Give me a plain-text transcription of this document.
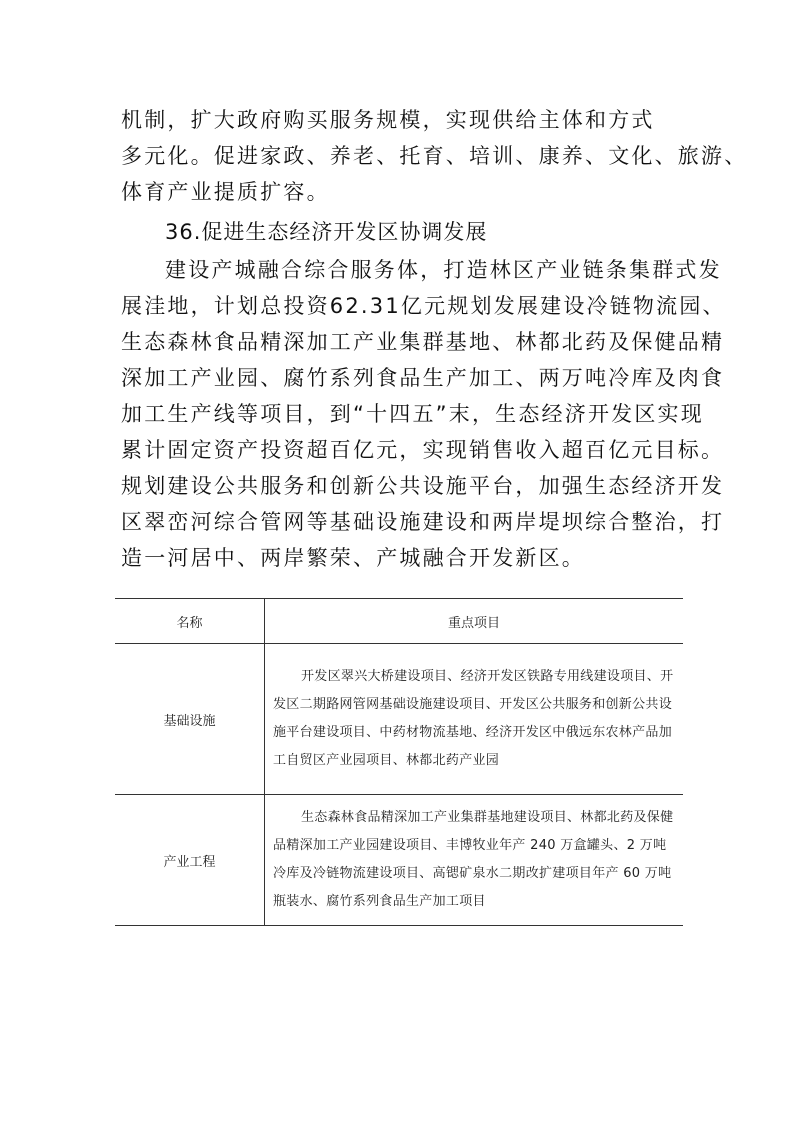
机制，扩大政府购买服务规模，实现供给主体和方式
多元化。促进家政、养老、托育、培训、康养、文化、旅游、
体育产业提质扩容。
36.促进生态经济开发区协调发展
建设产城融合综合服务体，打造林区产业链条集群式发
展洼地，计划总投资62.31亿元规划发展建设冷链物流园、
生态森林食品精深加工产业集群基地、林都北药及保健品精
深加工产业园、腐竹系列食品生产加工、两万吨冷库及肉食
加工生产线等项目，到“十四五”末，生态经济开发区实现
累计固定资产投资超百亿元，实现销售收入超百亿元目标。
规划建设公共服务和创新公共设施平台，加强生态经济开发
区翠峦河综合管网等基础设施建设和两岸堤坝综合整治，打
造一河居中、两岸繁荣、产城融合开发新区。
名称	重点项目
基础设施	开发区翠兴大桥建设项目、经济开发区铁路专用线建设项目、开发区二期路网管网基础设施建设项目、开发区公共服务和创新公共设施平台建设项目、中药材物流基地、经济开发区中俄远东农林产品加工自贸区产业园项目、林都北药产业园
产业工程	生态森林食品精深加工产业集群基地建设项目、林都北药及保健品精深加工产业园建设项目、丰博牧业年产 240 万盒罐头、2 万吨冷库及冷链物流建设项目、高锶矿泉水二期改扩建项目年产 60 万吨瓶装水、腐竹系列食品生产加工项目
